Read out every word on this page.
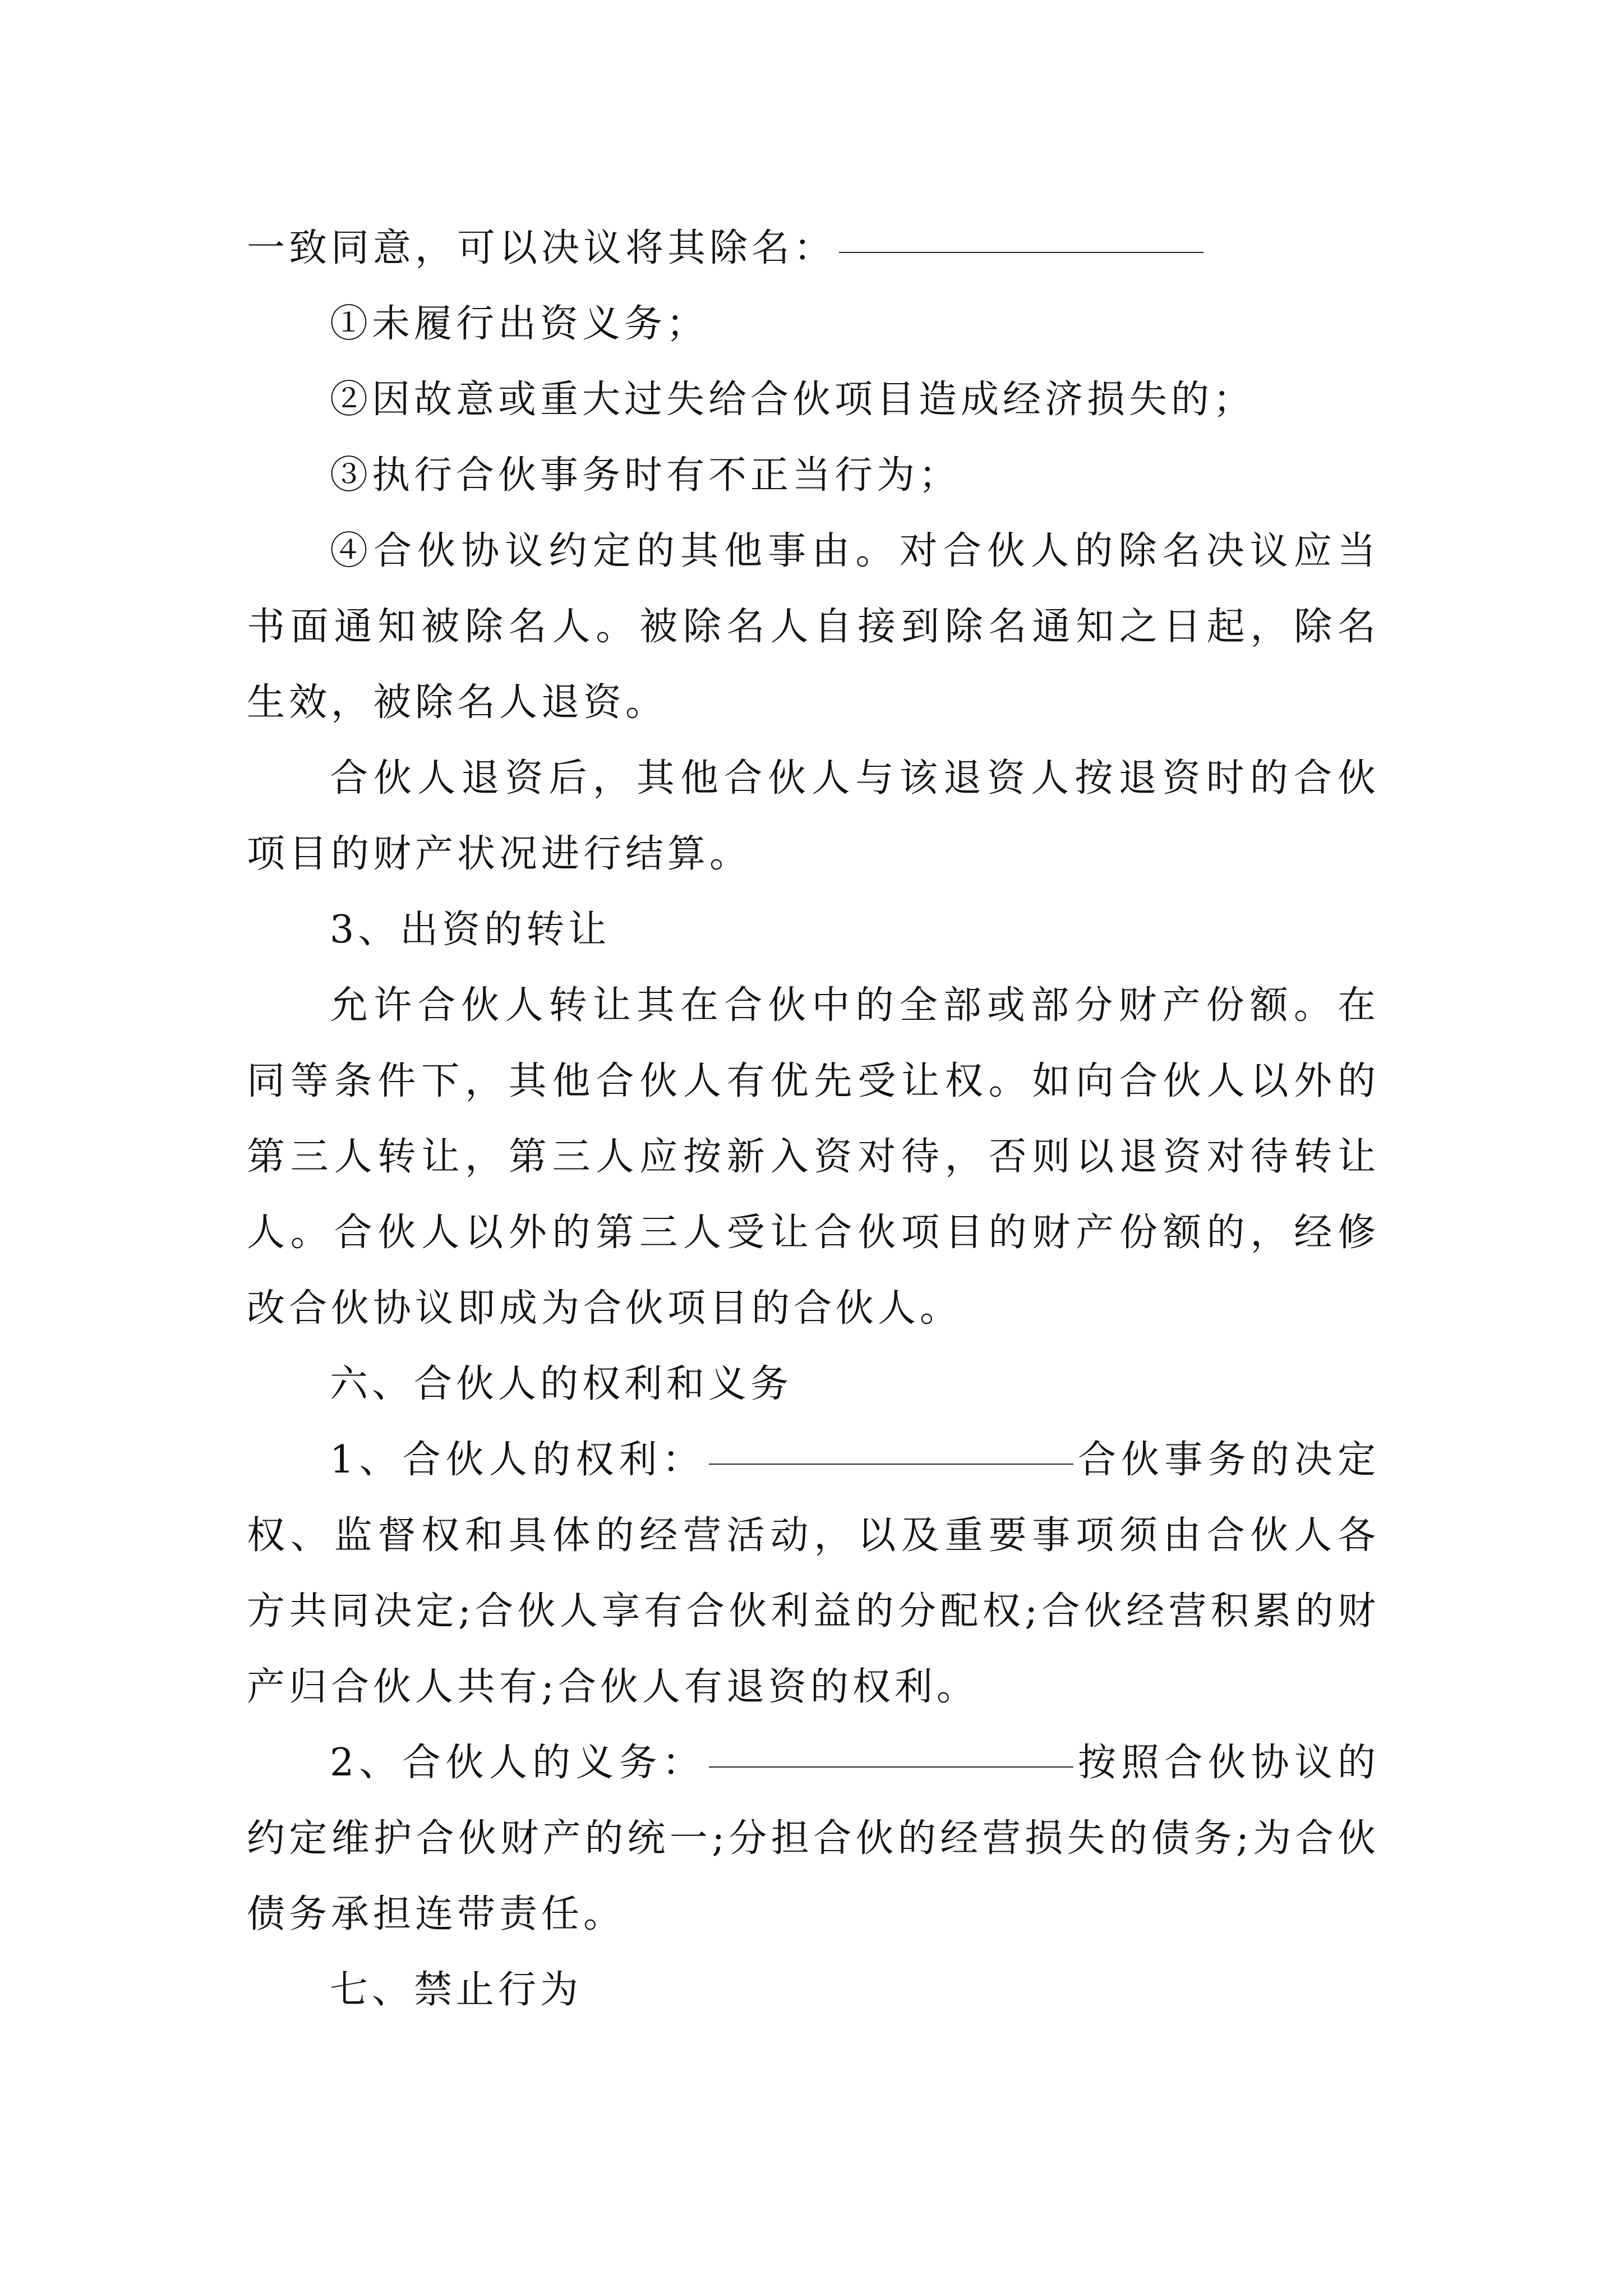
一致同意，可以决议将其除名：

①未履行出资义务；

②因故意或重大过失给合伙项目造成经济损失的；

③执行合伙事务时有不正当行为；

④合伙协议约定的其他事由。对合伙人的除名决议应当书面通知被除名人。被除名人自接到除名通知之日起，除名生效，被除名人退资。

合伙人退资后，其他合伙人与该退资人按退资时的合伙项目的财产状况进行结算。

3、出资的转让

允许合伙人转让其在合伙中的全部或部分财产份额。在同等条件下，其他合伙人有优先受让权。如向合伙人以外的第三人转让，第三人应按新入资对待，否则以退资对待转让人。合伙人以外的第三人受让合伙项目的财产份额的，经修改合伙协议即成为合伙项目的合伙人。

六、合伙人的权利和义务

1、合伙人的权利：	合伙事务的决定权、监督权和具体的经营活动，以及重要事项须由合伙人各方共同决定;合伙人享有合伙利益的分配权;合伙经营积累的财产归合伙人共有;合伙人有退资的权利。

2、合伙人的义务：	按照合伙协议的约定维护合伙财产的统一;分担合伙的经营损失的债务;为合伙债务承担连带责任。

七、禁止行为
